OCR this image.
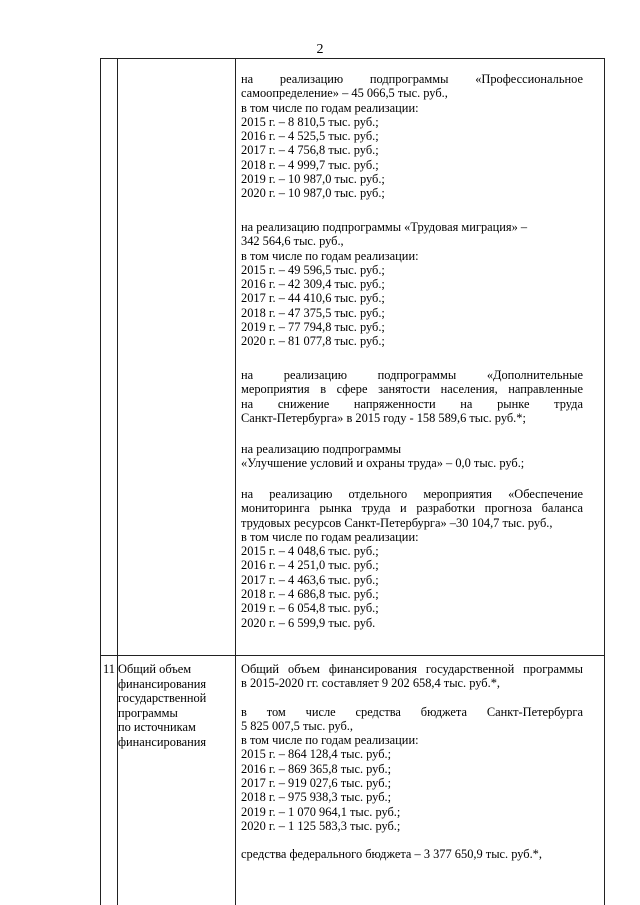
2
на реализацию подпрограммы «Профессиональное
самоопределение» – 45 066,5 тыс. руб.,
в том числе по годам реализации:
2015 г. – 8 810,5 тыс. руб.;
2016 г. – 4 525,5 тыс. руб.;
2017 г. – 4 756,8 тыс. руб.;
2018 г. – 4 999,7 тыс. руб.;
2019 г. – 10 987,0 тыс. руб.;
2020 г. – 10 987,0 тыс. руб.;
на реализацию подпрограммы «Трудовая миграция» –
342 564,6 тыс. руб.,
в том числе по годам реализации:
2015 г. – 49 596,5 тыс. руб.;
2016 г. – 42 309,4 тыс. руб.;
2017 г. – 44 410,6 тыс. руб.;
2018 г. – 47 375,5 тыс. руб.;
2019 г. – 77 794,8 тыс. руб.;
2020 г. – 81 077,8 тыс. руб.;
на реализацию подпрограммы «Дополнительные
мероприятия в сфере занятости населения, направленные
на снижение напряженности на рынке труда
Санкт-Петербурга» в 2015 году - 158 589,6 тыс. руб.*;
на реализацию подпрограммы
«Улучшение условий и охраны труда» – 0,0 тыс. руб.;
на реализацию отдельного мероприятия «Обеспечение
мониторинга рынка труда и разработки прогноза баланса
трудовых ресурсов Санкт-Петербурга» –30 104,7 тыс. руб.,
в том числе по годам реализации:
2015 г. – 4 048,6 тыс. руб.;
2016 г. – 4 251,0 тыс. руб.;
2017 г. – 4 463,6 тыс. руб.;
2018 г. – 4 686,8 тыс. руб.;
2019 г. – 6 054,8 тыс. руб.;
2020 г. – 6 599,9 тыс. руб.
11 Общий объем
финансирования
государственной
программы
по источникам
финансирования
Общий объем финансирования государственной программы
в 2015-2020 гг. составляет 9 202 658,4 тыс. руб.*,
в том числе средства бюджета Санкт-Петербурга
5 825 007,5 тыс. руб.,
в том числе по годам реализации:
2015 г. – 864 128,4 тыс. руб.;
2016 г. – 869 365,8 тыс. руб.;
2017 г. – 919 027,6 тыс. руб.;
2018 г. – 975 938,3 тыс. руб.;
2019 г. – 1 070 964,1 тыс. руб.;
2020 г. – 1 125 583,3 тыс. руб.;
средства федерального бюджета – 3 377 650,9 тыс. руб.*,
